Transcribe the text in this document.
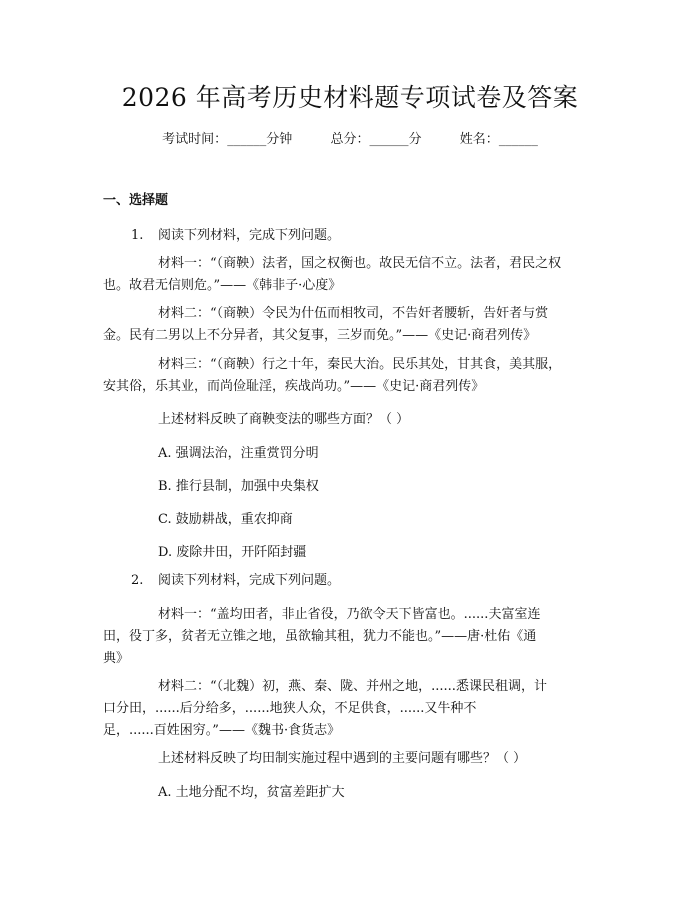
2026 年高考历史材料题专项试卷及答案
考试时间：______分钟	总分：______分	姓名：______
一、选择题
1. 阅读下列材料，完成下列问题。
材料一：“（商鞅）法者，国之权衡也。故民无信不立。法者，君民之权
也。故君无信则危。”——《韩非子·心度》
材料二：“（商鞅）令民为什伍而相牧司，不告奸者腰斩，告奸者与赏
金。民有二男以上不分异者，其父复事，三岁而免。”——《史记·商君列传》
材料三：“（商鞅）行之十年，秦民大治。民乐其处，甘其食，美其服，
安其俗，乐其业，而尚俭耻淫，疾战尚功。”——《史记·商君列传》
上述材料反映了商鞅变法的哪些方面？（ ）
A. 强调法治，注重赏罚分明
B. 推行县制，加强中央集权
C. 鼓励耕战，重农抑商
D. 废除井田，开阡陌封疆
2. 阅读下列材料，完成下列问题。
材料一：“盖均田者，非止省役，乃欲令天下皆富也。......夫富室连
田，役丁多，贫者无立锥之地，虽欲输其租，犹力不能也。”——唐·杜佑《通
典》
材料二：“（北魏）初，燕、秦、陇、并州之地，......悉课民租调，计
口分田，......后分给多，......地狭人众，不足供食，......又牛种不
足，......百姓困穷。”——《魏书·食货志》
上述材料反映了均田制实施过程中遇到的主要问题有哪些？（ ）
A. 土地分配不均，贫富差距扩大
